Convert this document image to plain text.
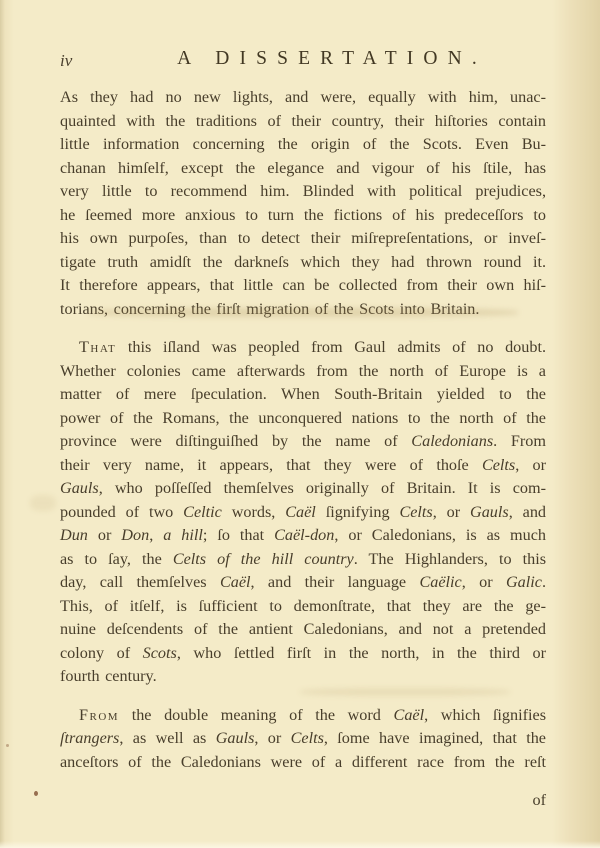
iv	A DISSERTATION.
As they had no new lights, and were, equally with him, unac-
quainted with the traditions of their country, their hiſtories contain
little information concerning the origin of the Scots. Even Bu-
chanan himſelf, except the elegance and vigour of his ſtile, has
very little to recommend him. Blinded with political prejudices,
he ſeemed more anxious to turn the fictions of his predeceſſors to
his own purpoſes, than to detect their miſrepreſentations, or inveſ-
tigate truth amidſt the darkneſs which they had thrown round it.
It therefore appears, that little can be collected from their own hiſ-
torians, concerning the firſt migration of the Scots into Britain.
That this iſland was peopled from Gaul admits of no doubt.
Whether colonies came afterwards from the north of Europe is a
matter of mere ſpeculation. When South-Britain yielded to the
power of the Romans, the unconquered nations to the north of the
province were diſtinguiſhed by the name of Caledonians. From
their very name, it appears, that they were of thoſe Celts, or
Gauls, who poſſeſſed themſelves originally of Britain. It is com-
pounded of two Celtic words, Caël ſignifying Celts, or Gauls, and
Dun or Don, a hill; ſo that Caël-don, or Caledonians, is as much
as to ſay, the Celts of the hill country. The Highlanders, to this
day, call themſelves Caël, and their language Caëlic, or Galic.
This, of itſelf, is ſufficient to demonſtrate, that they are the ge-
nuine deſcendents of the antient Caledonians, and not a pretended
colony of Scots, who ſettled firſt in the north, in the third or
fourth century.
From the double meaning of the word Caël, which ſignifies
ſtrangers, as well as Gauls, or Celts, ſome have imagined, that the
anceſtors of the Caledonians were of a different race from the reſt
of
